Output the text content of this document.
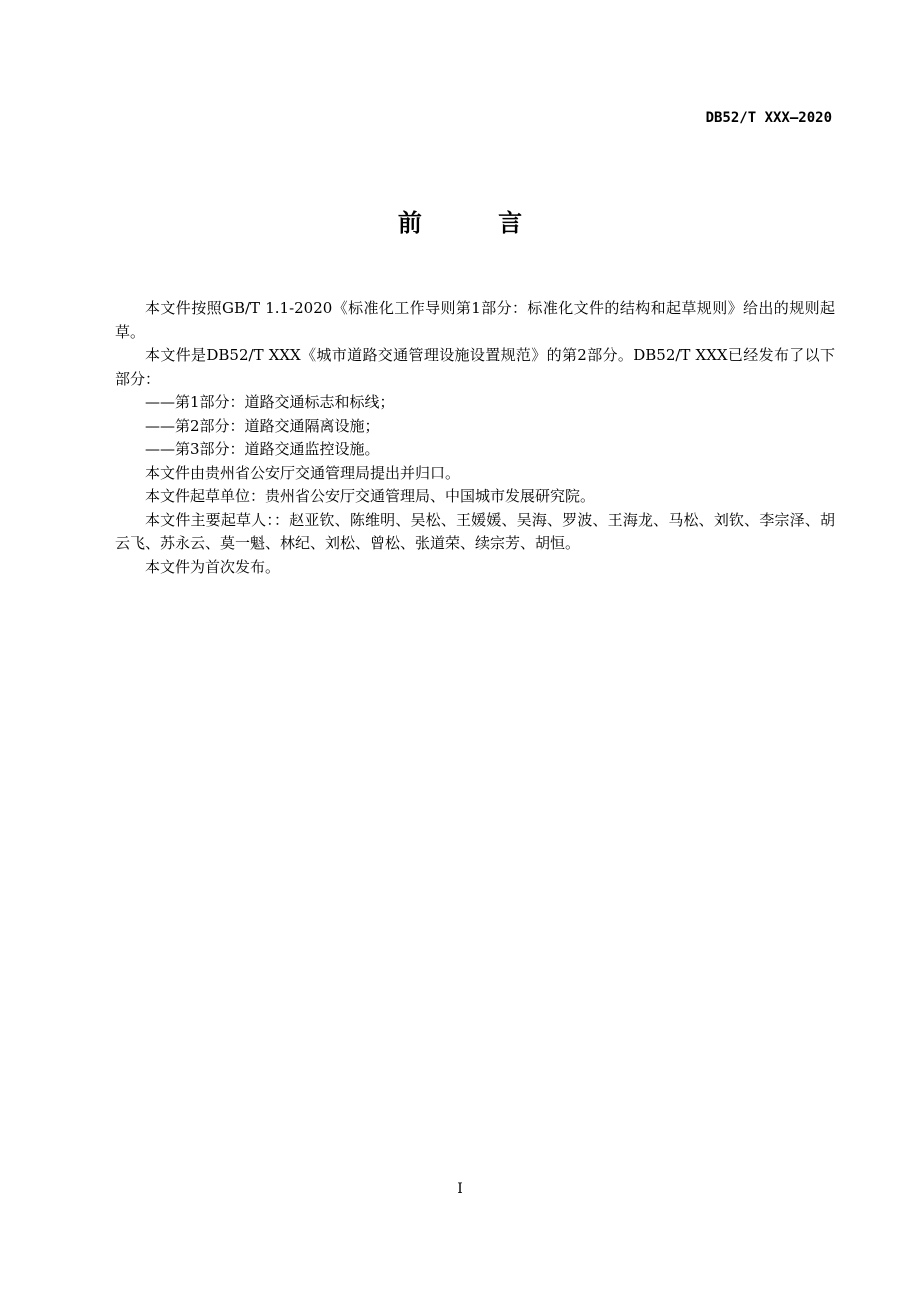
DB52/T XXX—2020
前 言

本文件按照GB/T 1.1-2020《标准化工作导则第1部分：标准化文件的结构和起草规则》给出的规则起草。

本文件是DB52/T XXX《城市道路交通管理设施设置规范》的第2部分。DB52/T XXX已经发布了以下部分：

——第1部分：道路交通标志和标线；

——第2部分：道路交通隔离设施；

——第3部分：道路交通监控设施。

本文件由贵州省公安厅交通管理局提出并归口。

本文件起草单位：贵州省公安厅交通管理局、中国城市发展研究院。

本文件主要起草人：：赵亚钦、陈维明、吴松、王媛媛、吴海、罗波、王海龙、马松、刘钦、李宗泽、胡云飞、苏永云、莫一魁、林纪、刘松、曾松、张道荣、续宗芳、胡恒。

本文件为首次发布。

I
